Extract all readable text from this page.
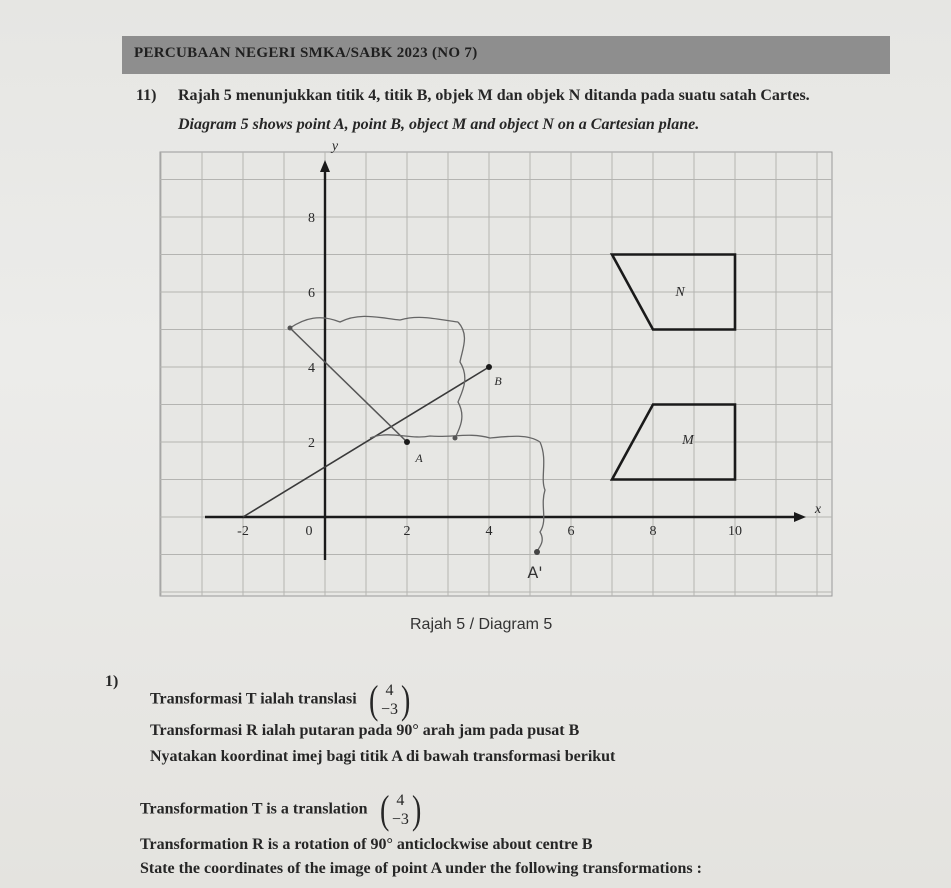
PERCUBAAN NEGERI SMKA/SABK 2023 (NO 7)
11) Rajah 5 menunjukkan titik 4, titik B, objek M dan objek N ditanda pada suatu satah Cartes.
Diagram 5 shows point A, point B, object M and object N on a Cartesian plane.
x
y
-2	0	2	4	6	8	10
2
4
6
8
A'
A
B
M
N
Rajah 5 / Diagram 5
1)
Transformasi T ialah translasi ( 4
−3 )
Transformasi R ialah putaran pada 90° arah jam pada pusat B
Nyatakan koordinat imej bagi titik A di bawah transformasi berikut
Transformation T is a translation ( 4
−3 )
Transformation R is a rotation of 90° anticlockwise about centre B
State the coordinates of the image of point A under the following transformations :
